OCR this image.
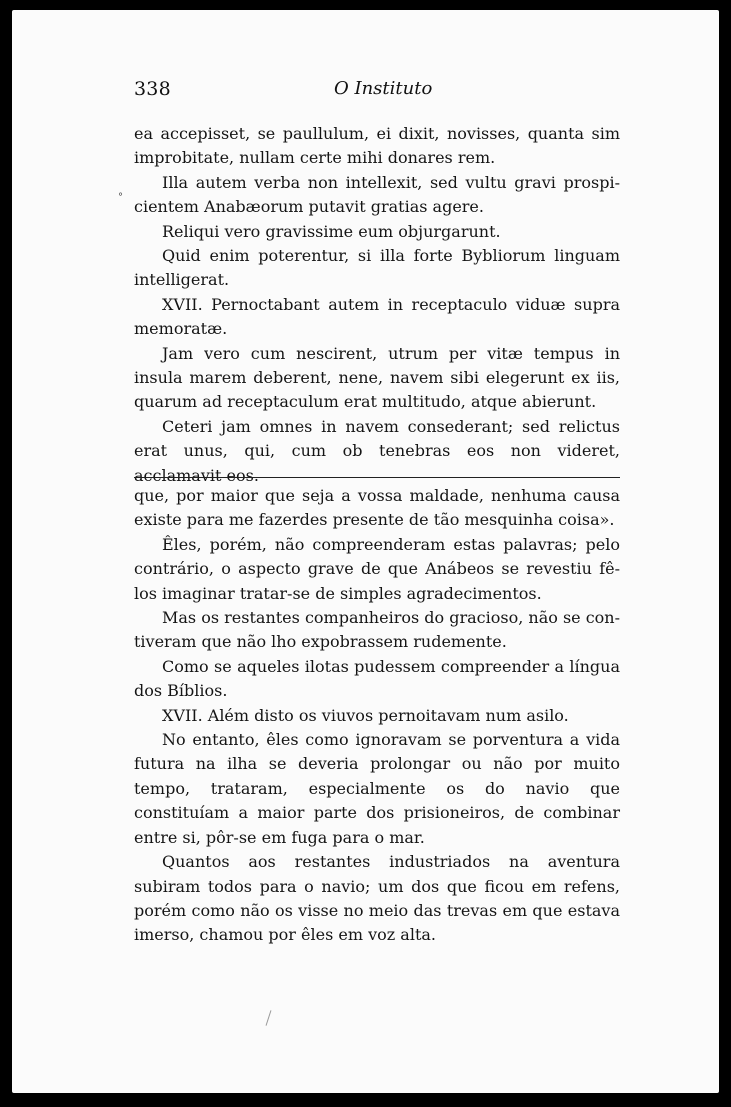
338	O Instituto
°

ea accepisset, se paullulum, ei dixit, novisses, quanta sim improbitate, nullam certe mihi donares rem.

Illa autem verba non intellexit, sed vultu gravi prospicientem Anabæorum putavit gratias agere.

Reliqui vero gravissime eum objurgarunt.

Quid enim poterentur, si illa forte Bybliorum linguam intelligerat.

XVII. Pernoctabant autem in receptaculo viduæ supra memoratæ.

Jam vero cum nescirent, utrum per vitæ tempus in insula marem deberent, nene, navem sibi elegerunt ex iis, quarum ad receptaculum erat multitudo, atque abierunt.

Ceteri jam omnes in navem consederant; sed relictus erat unus, qui, cum ob tenebras eos non videret, acclamavit eos.

que, por maior que seja a vossa maldade, nenhuma causa existe para me fazerdes presente de tão mesquinha coisa».

Êles, porém, não compreenderam estas palavras; pelo contrário, o aspecto grave de que Anábeos se revestiu fê-los imaginar tratar-se de simples agradecimentos.

Mas os restantes companheiros do gracioso, não se contiveram que não lho expobrassem rudemente.

Como se aqueles ilotas pudessem compreender a língua dos Bíblios.

XVII. Além disto os viuvos pernoitavam num asilo.

No entanto, êles como ignoravam se porventura a vida futura na ilha se deveria prolongar ou não por muito tempo, trataram, especialmente os do navio que constituíam a maior parte dos prisioneiros, de combinar entre si, pôr-se em fuga para o mar.

Quantos aos restantes industriados na aventura subiram todos para o navio; um dos que ficou em refens, porém como não os visse no meio das trevas em que estava imerso, chamou por êles em voz alta.
